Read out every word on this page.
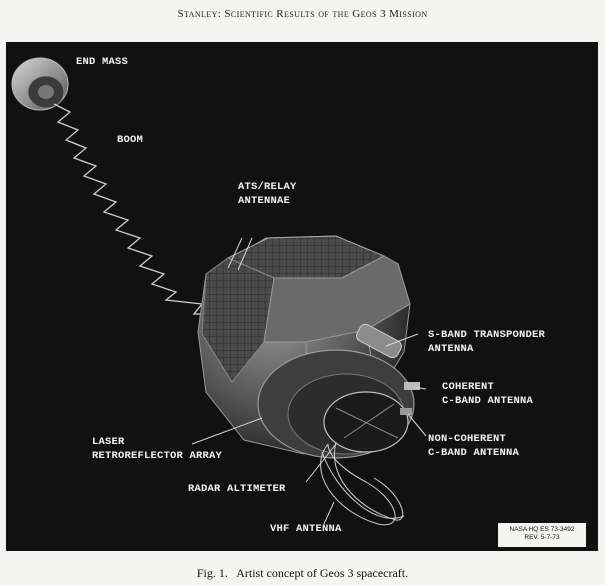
Stanley: Scientific Results of the Geos 3 Mission
END MASS
BOOM
ATS/RELAY
ANTENNAE
S-BAND TRANSPONDER
ANTENNA
COHERENT
C-BAND ANTENNA
NON-COHERENT
C-BAND ANTENNA
LASER
RETROREFLECTOR ARRAY
RADAR ALTIMETER
VHF ANTENNA	NASA HQ ES 73-3492
REV. 5-7-73
Fig. 1.   Artist concept of Geos 3 spacecraft.
